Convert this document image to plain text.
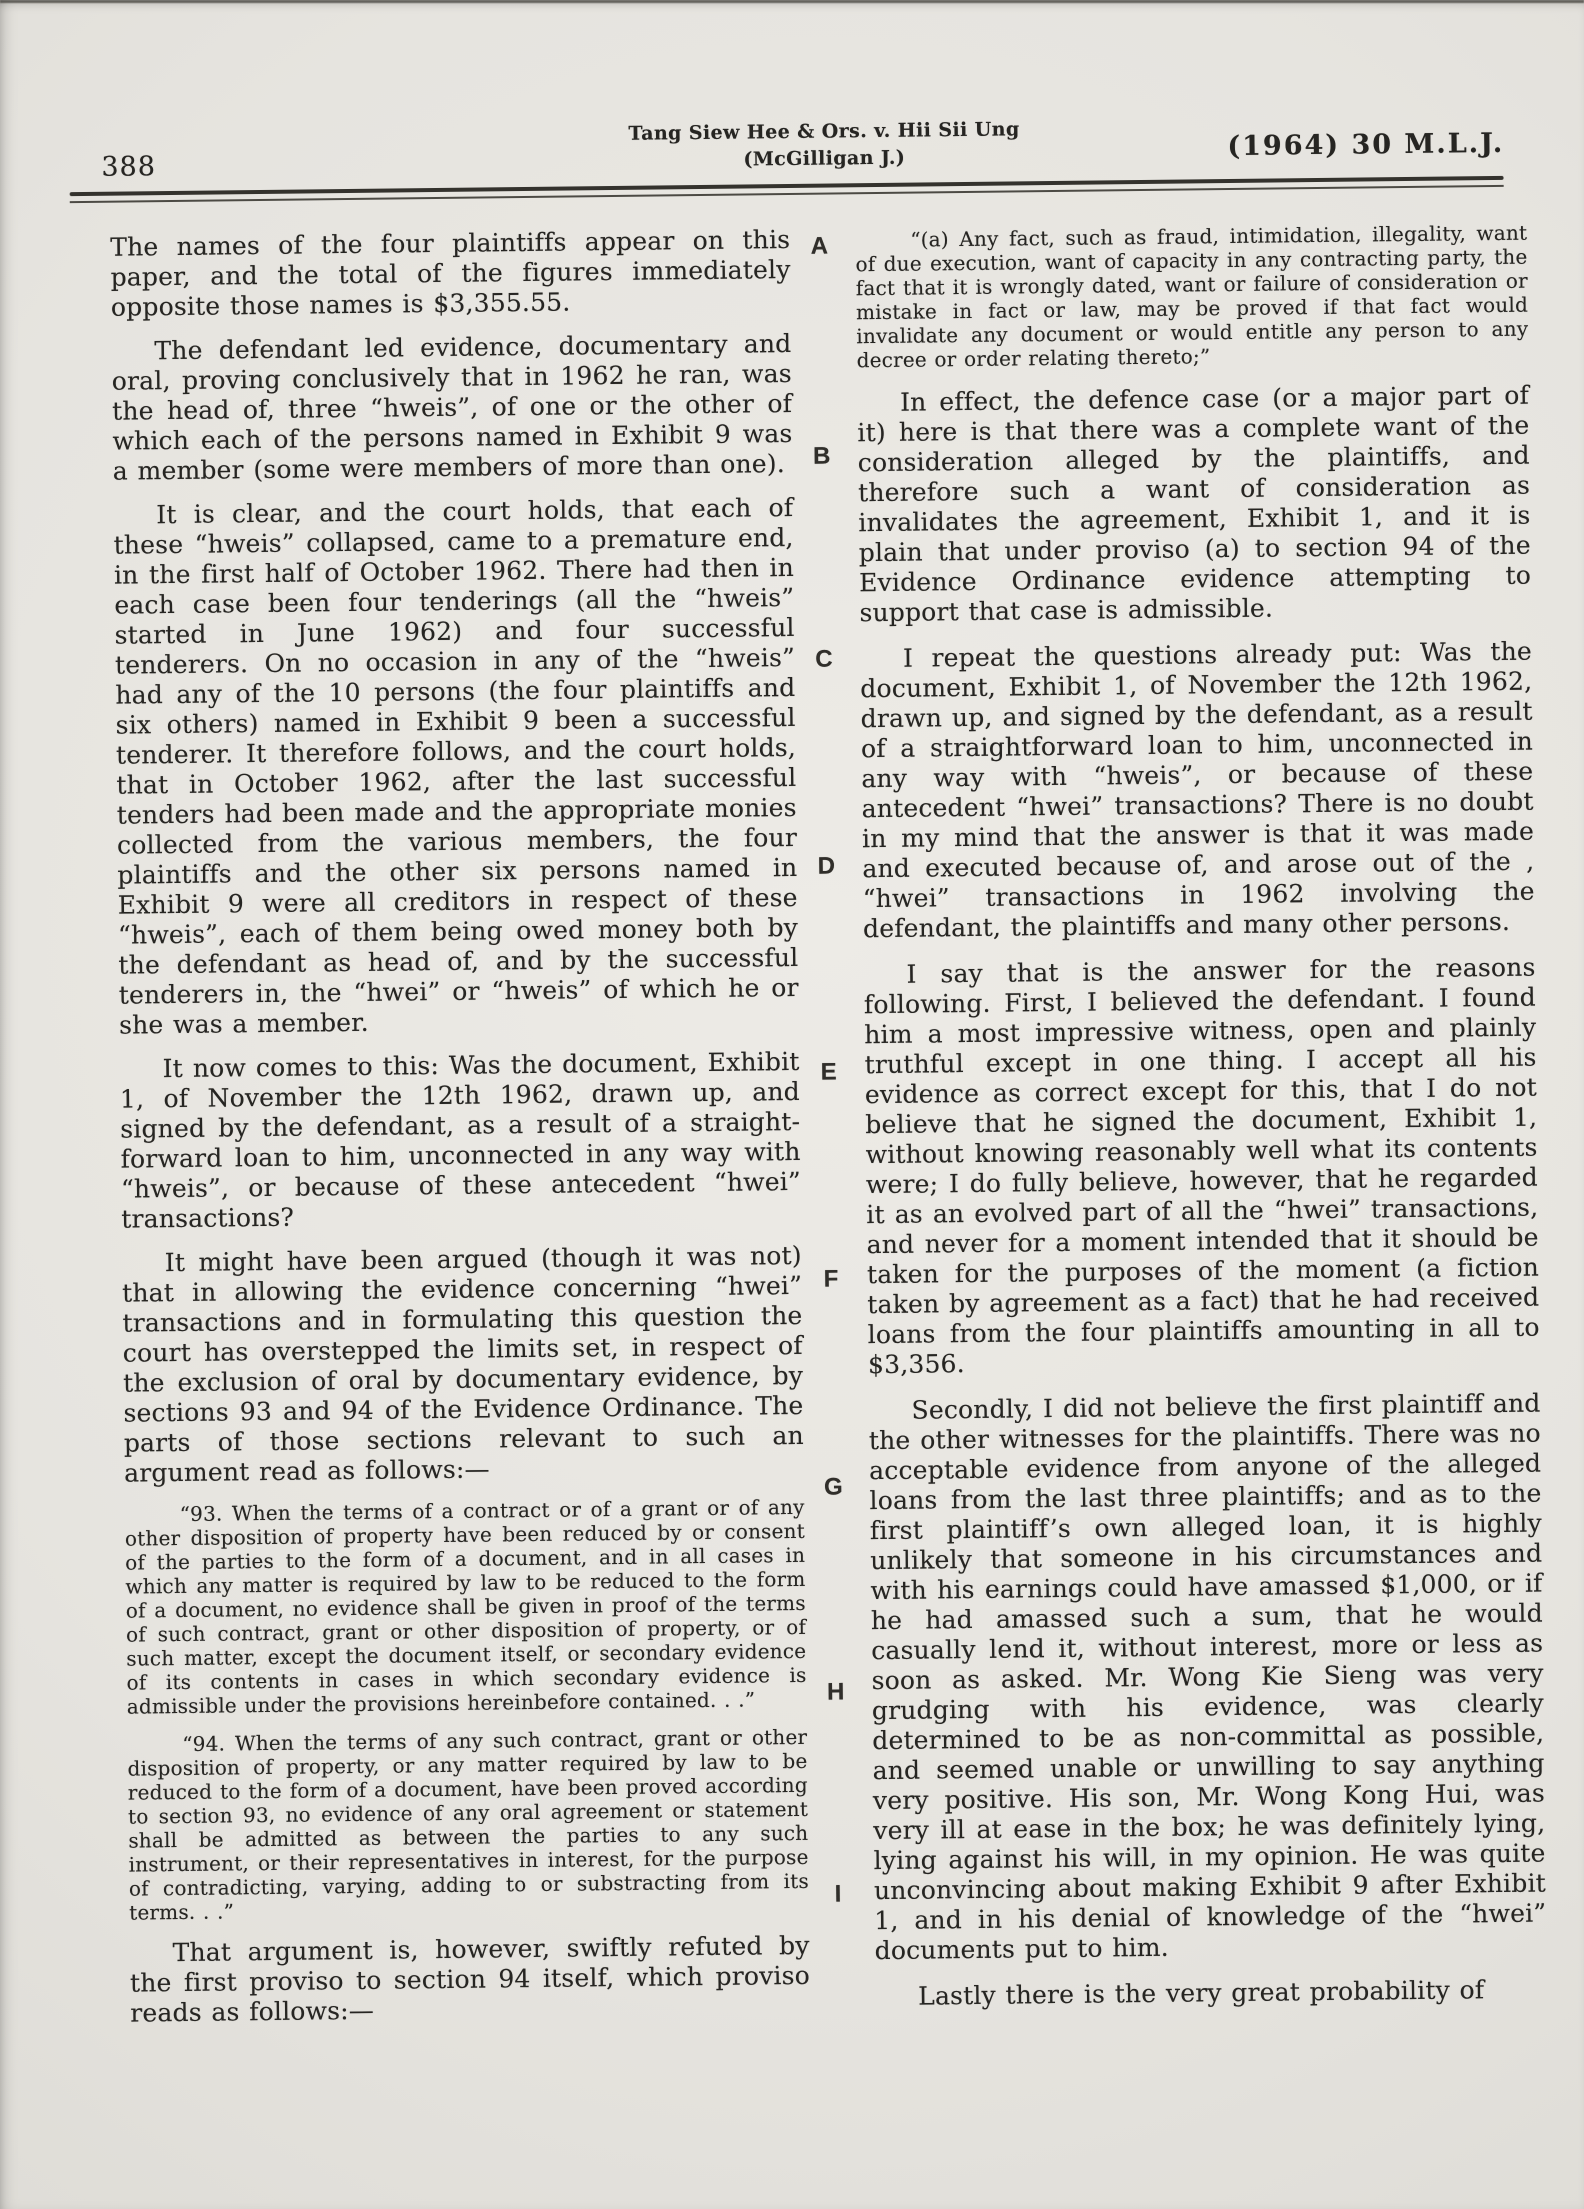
388
Tang Siew Hee & Ors. v. Hii Sii Ung
(McGilligan J.)	(1964) 30 M.L.J.

The names of the four plaintiffs appear on this paper, and the total of the figures immediately opposite those names is $3,355.55.

The defendant led evidence, documentary and oral, proving conclusively that in 1962 he ran, was the head of, three “hweis”, of one or the other of which each of the persons named in Exhibit 9 was a member (some were members of more than one).

It is clear, and the court holds, that each of these “hweis” collapsed, came to a premature end, in the first half of October 1962. There had then in each case been four tenderings (all the “hweis” started in June 1962) and four successful tenderers. On no occasion in any of the “hweis” had any of the 10 persons (the four plaintiffs and six others) named in Exhibit 9 been a successful tenderer. It therefore follows, and the court holds, that in October 1962, after the last successful tenders had been made and the appropriate monies collected from the various members, the four plaintiffs and the other six persons named in Exhibit 9 were all creditors in respect of these “hweis”, each of them being owed money both by the defendant as head of, and by the successful tenderers in, the “hwei” or “hweis” of which he or she was a member.

It now comes to this: Was the document, Exhibit 1, of November the 12th 1962, drawn up, and signed by the defendant, as a result of a straight-forward loan to him, unconnected in any way with “hweis”, or because of these antecedent “hwei” transactions?

It might have been argued (though it was not) that in allowing the evidence concerning “hwei” transactions and in formulating this question the court has overstepped the limits set, in respect of the exclusion of oral by documentary evidence, by sections 93 and 94 of the Evidence Ordinance. The parts of those sections relevant to such an argument read as follows:—

“93. When the terms of a contract or of a grant or of any other disposition of property have been reduced by or consent of the parties to the form of a document, and in all cases in which any matter is required by law to be reduced to the form of a document, no evidence shall be given in proof of the terms of such contract, grant or other disposition of property, or of such matter, except the document itself, or secondary evidence of its contents in cases in which secondary evidence is admissible under the provisions hereinbefore contained. . .”

“94. When the terms of any such contract, grant or other disposition of property, or any matter required by law to be reduced to the form of a document, have been proved according to section 93, no evidence of any oral agreement or statement shall be admitted as between the parties to any such instrument, or their representatives in interest, for the purpose of contradicting, varying, adding to or substracting from its terms. . .”

That argument is, however, swiftly refuted by the first proviso to section 94 itself, which proviso reads as follows:—

“(a) Any fact, such as fraud, intimidation, illegality, want of due execution, want of capacity in any contracting party, the fact that it is wrongly dated, want or failure of consideration or mistake in fact or law, may be proved if that fact would invalidate any document or would entitle any person to any decree or order relating thereto;”

In effect, the defence case (or a major part of it) here is that there was a complete want of the consideration alleged by the plaintiffs, and therefore such a want of consideration as invalidates the agreement, Exhibit 1, and it is plain that under proviso (a) to section 94 of the Evidence Ordinance evidence attempting to support that case is admissible.

I repeat the questions already put: Was the document, Exhibit 1, of November the 12th 1962, drawn up, and signed by the defendant, as a result of a straightforward loan to him, unconnected in any way with “hweis”, or because of these antecedent “hwei” transactions? There is no doubt in my mind that the answer is that it was made and executed because of, and arose out of the , “hwei” transactions in 1962 involving the defendant, the plaintiffs and many other persons.

I say that is the answer for the reasons following. First, I believed the defendant. I found him a most impressive witness, open and plainly truthful except in one thing. I accept all his evidence as correct except for this, that I do not believe that he signed the document, Exhibit 1, without knowing reasonably well what its contents were; I do fully believe, however, that he regarded it as an evolved part of all the “hwei” transactions, and never for a moment intended that it should be taken for the purposes of the moment (a fiction taken by agreement as a fact) that he had received loans from the four plaintiffs amounting in all to $3,356.

Secondly, I did not believe the first plaintiff and the other witnesses for the plaintiffs. There was no acceptable evidence from anyone of the alleged loans from the last three plaintiffs; and as to the first plaintiff’s own alleged loan, it is highly unlikely that someone in his circumstances and with his earnings could have amassed $1,000, or if he had amassed such a sum, that he would casually lend it, without interest, more or less as soon as asked. Mr. Wong Kie Sieng was very grudging with his evidence, was clearly determined to be as non-committal as possible, and seemed unable or unwilling to say anything very positive. His son, Mr. Wong Kong Hui, was very ill at ease in the box; he was definitely lying, lying against his will, in my opinion. He was quite unconvincing about making Exhibit 9 after Exhibit 1, and in his denial of knowledge of the “hwei” documents put to him.

Lastly there is the very great probability of

A
B
C
D
E
F
G
H
I
